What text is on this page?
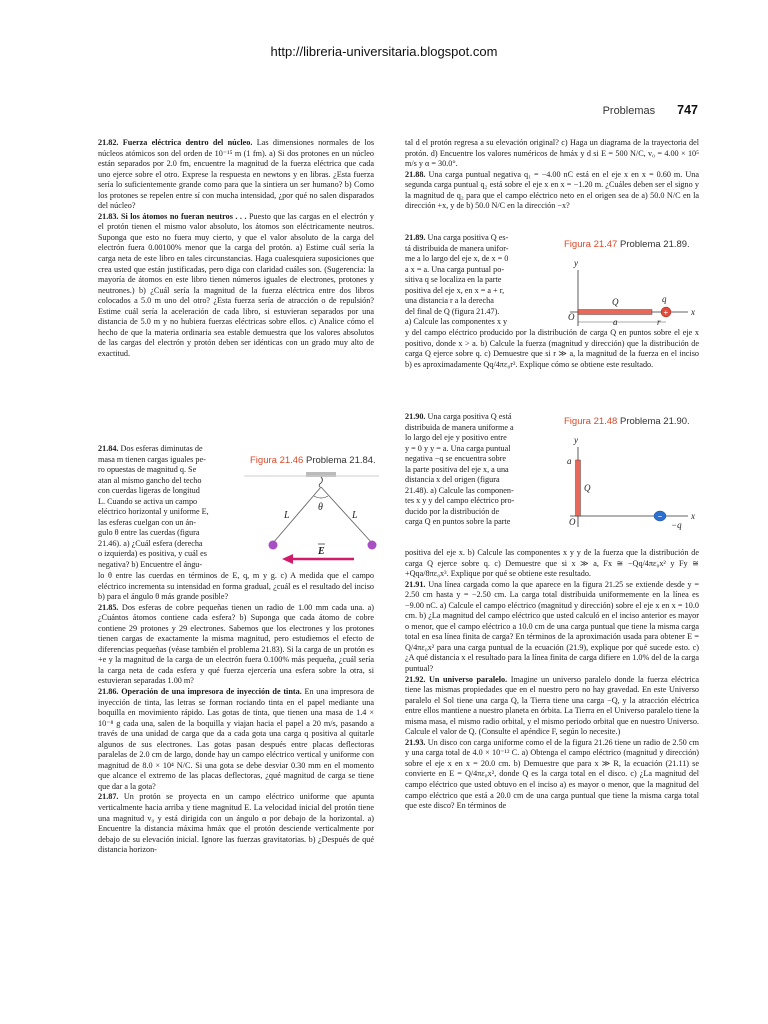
http://libreria-universitaria.blogspot.com
Problemas 747

21.82. Fuerza eléctrica dentro del núcleo. Las dimensiones normales de los núcleos atómicos son del orden de 10⁻¹⁵ m (1 fm). a) Si dos protones en un núcleo están separados por 2.0 fm, encuentre la magnitud de la fuerza eléctrica que cada uno ejerce sobre el otro. Exprese la respuesta en newtons y en libras. ¿Esta fuerza sería lo suficientemente grande como para que la sintiera un ser humano? b) Como los protones se repelen entre sí con mucha intensidad, ¿por qué no salen disparados del núcleo?

21.83. Si los átomos no fueran neutros . . . Puesto que las cargas en el electrón y el protón tienen el mismo valor absoluto, los átomos son eléctricamente neutros. Suponga que esto no fuera muy cierto, y que el valor absoluto de la carga del electrón fuera 0.00100% menor que la carga del protón. a) Estime cuál sería la carga neta de este libro en tales circunstancias. Haga cualesquiera suposiciones que crea usted que están justificadas, pero diga con claridad cuáles son. (Sugerencia: la mayoría de átomos en este libro tienen números iguales de electrones, protones y neutrones.) b) ¿Cuál sería la magnitud de la fuerza eléctrica entre dos libros colocados a 5.0 m uno del otro? ¿Esta fuerza sería de atracción o de repulsión? Estime cuál sería la aceleración de cada libro, si estuvieran separados por una distancia de 5.0 m y no hubiera fuerzas eléctricas sobre ellos. c) Analice cómo el hecho de que la materia ordinaria sea estable demuestra que los valores absolutos de las cargas del electrón y protón deben ser idénticas con un grado muy alto de exactitud.

21.84. Dos esferas diminutas de

masa m tienen cargas iguales pe-

ro opuestas de magnitud q. Se

atan al mismo gancho del techo

con cuerdas ligeras de longitud

L. Cuando se activa un campo

eléctrico horizontal y uniforme E,

las esferas cuelgan con un án-

gulo θ entre las cuerdas (figura

21.46). a) ¿Cuál esfera (derecha

o izquierda) es positiva, y cuál es

negativa? b) Encuentre el ángu-

Figura 21.46 Problema 21.84.
θ
L	L
E

lo θ entre las cuerdas en términos de E, q, m y g. c) A medida que el campo eléctrico incrementa su intensidad en forma gradual, ¿cuál es el resultado del inciso b) para el ángulo θ más grande posible?

21.85. Dos esferas de cobre pequeñas tienen un radio de 1.00 mm cada una. a) ¿Cuántos átomos contiene cada esfera? b) Suponga que cada átomo de cobre contiene 29 protones y 29 electrones. Sabemos que los electrones y los protones tienen cargas de exactamente la misma magnitud, pero estudiemos el efecto de diferencias pequeñas (véase también el problema 21.83). Si la carga de un protón es +e y la magnitud de la carga de un electrón fuera 0.100% más pequeña, ¿cuál sería la carga neta de cada esfera y qué fuerza ejercería una esfera sobre la otra, si estuvieran separadas 1.00 m?

21.86. Operación de una impresora de inyección de tinta. En una impresora de inyección de tinta, las letras se forman rociando tinta en el papel mediante una boquilla en movimiento rápido. Las gotas de tinta, que tienen una masa de 1.4 × 10⁻⁸ g cada una, salen de la boquilla y viajan hacia el papel a 20 m/s, pasando a través de una unidad de carga que da a cada gota una carga q positiva al quitarle algunos de sus electrones. Las gotas pasan después entre placas deflectoras paralelas de 2.0 cm de largo, donde hay un campo eléctrico vertical y uniforme con magnitud de 8.0 × 10⁴ N/C. Si una gota se debe desviar 0.30 mm en el momento que alcance el extremo de las placas deflectoras, ¿qué magnitud de carga se tiene que dar a la gota?

21.87. Un protón se proyecta en un campo eléctrico uniforme que apunta verticalmente hacia arriba y tiene magnitud E. La velocidad inicial del protón tiene una magnitud v₀ y está dirigida con un ángulo α por debajo de la horizontal. a) Encuentre la distancia máxima hmáx que el protón desciende verticalmente por debajo de su elevación inicial. Ignore las fuerzas gravitatorias. b) ¿Después de qué distancia horizon-

tal d el protón regresa a su elevación original? c) Haga un diagrama de la trayectoria del protón. d) Encuentre los valores numéricos de hmáx y d si E = 500 N/C, v₀ = 4.00 × 10⁵ m/s y α = 30.0°.

21.88. Una carga puntual negativa q₁ = −4.00 nC está en el eje x en x = 0.60 m. Una segunda carga puntual q₂ está sobre el eje x en x = −1.20 m. ¿Cuáles deben ser el signo y la magnitud de q₂ para que el campo eléctrico neto en el origen sea de a) 50.0 N/C en la dirección +x, y de b) 50.0 N/C en la dirección −x?

21.89. Una carga positiva Q es-

tá distribuida de manera unifor-

me a lo largo del eje x, de x = 0

a x = a. Una carga puntual po-

sitiva q se localiza en la parte

positiva del eje x, en x = a + r,

una distancia r a la derecha

del final de Q (figura 21.47).

a) Calcule las componentes x y

Figura 21.47 Problema 21.89.
y
x
O
Q
+
q
a	r

y del campo eléctrico producido por la distribución de carga Q en puntos sobre el eje x positivo, donde x > a. b) Calcule la fuerza (magnitud y dirección) que la distribución de carga Q ejerce sobre q. c) Demuestre que si r ≫ a, la magnitud de la fuerza en el inciso b) es aproximadamente Qq/4πε₀r². Explique cómo se obtiene este resultado.

21.90. Una carga positiva Q está

distribuida de manera uniforme a

lo largo del eje y positivo entre

y = 0 y y = a. Una carga puntual

negativa −q se encuentra sobre

la parte positiva del eje x, a una

distancia x del origen (figura

21.48). a) Calcule las componen-

tes x y y del campo eléctrico pro-

ducido por la distribución de

carga Q en puntos sobre la parte

Figura 21.48 Problema 21.90.
y
x
O
a
Q
−
−q

positiva del eje x. b) Calcule las componentes x y y de la fuerza que la distribución de carga Q ejerce sobre q. c) Demuestre que si x ≫ a, Fx ≅ −Qq/4πε₀x² y Fy ≅ +Qqa/8πε₀x³. Explique por qué se obtiene este resultado.

21.91. Una línea cargada como la que aparece en la figura 21.25 se extiende desde y = 2.50 cm hasta y = −2.50 cm. La carga total distribuida uniformemente en la línea es −9.00 nC. a) Calcule el campo eléctrico (magnitud y dirección) sobre el eje x en x = 10.0 cm. b) ¿La magnitud del campo eléctrico que usted calculó en el inciso anterior es mayor o menor, que el campo eléctrico a 10.0 cm de una carga puntual que tiene la misma carga total en esa línea finita de carga? En términos de la aproximación usada para obtener E = Q/4πε₀x² para una carga puntual de la ecuación (21.9), explique por qué sucede esto. c) ¿A qué distancia x el resultado para la línea finita de carga difiere en 1.0% del de la carga puntual?

21.92. Un universo paralelo. Imagine un universo paralelo donde la fuerza eléctrica tiene las mismas propiedades que en el nuestro pero no hay gravedad. En este Universo paralelo el Sol tiene una carga Q, la Tierra tiene una carga −Q, y la atracción eléctrica entre ellos mantiene a nuestro planeta en órbita. La Tierra en el Universo paralelo tiene la misma masa, el mismo radio orbital, y el mismo periodo orbital que en nuestro Universo. Calcule el valor de Q. (Consulte el apéndice F, según lo necesite.)

21.93. Un disco con carga uniforme como el de la figura 21.26 tiene un radio de 2.50 cm y una carga total de 4.0 × 10⁻¹² C. a) Obtenga el campo eléctrico (magnitud y dirección) sobre el eje x en x = 20.0 cm. b) Demuestre que para x ≫ R, la ecuación (21.11) se convierte en E = Q/4πε₀x², donde Q es la carga total en el disco. c) ¿La magnitud del campo eléctrico que usted obtuvo en el inciso a) es mayor o menor, que la magnitud del campo eléctrico que está a 20.0 cm de una carga puntual que tiene la misma carga total que este disco? En términos de
